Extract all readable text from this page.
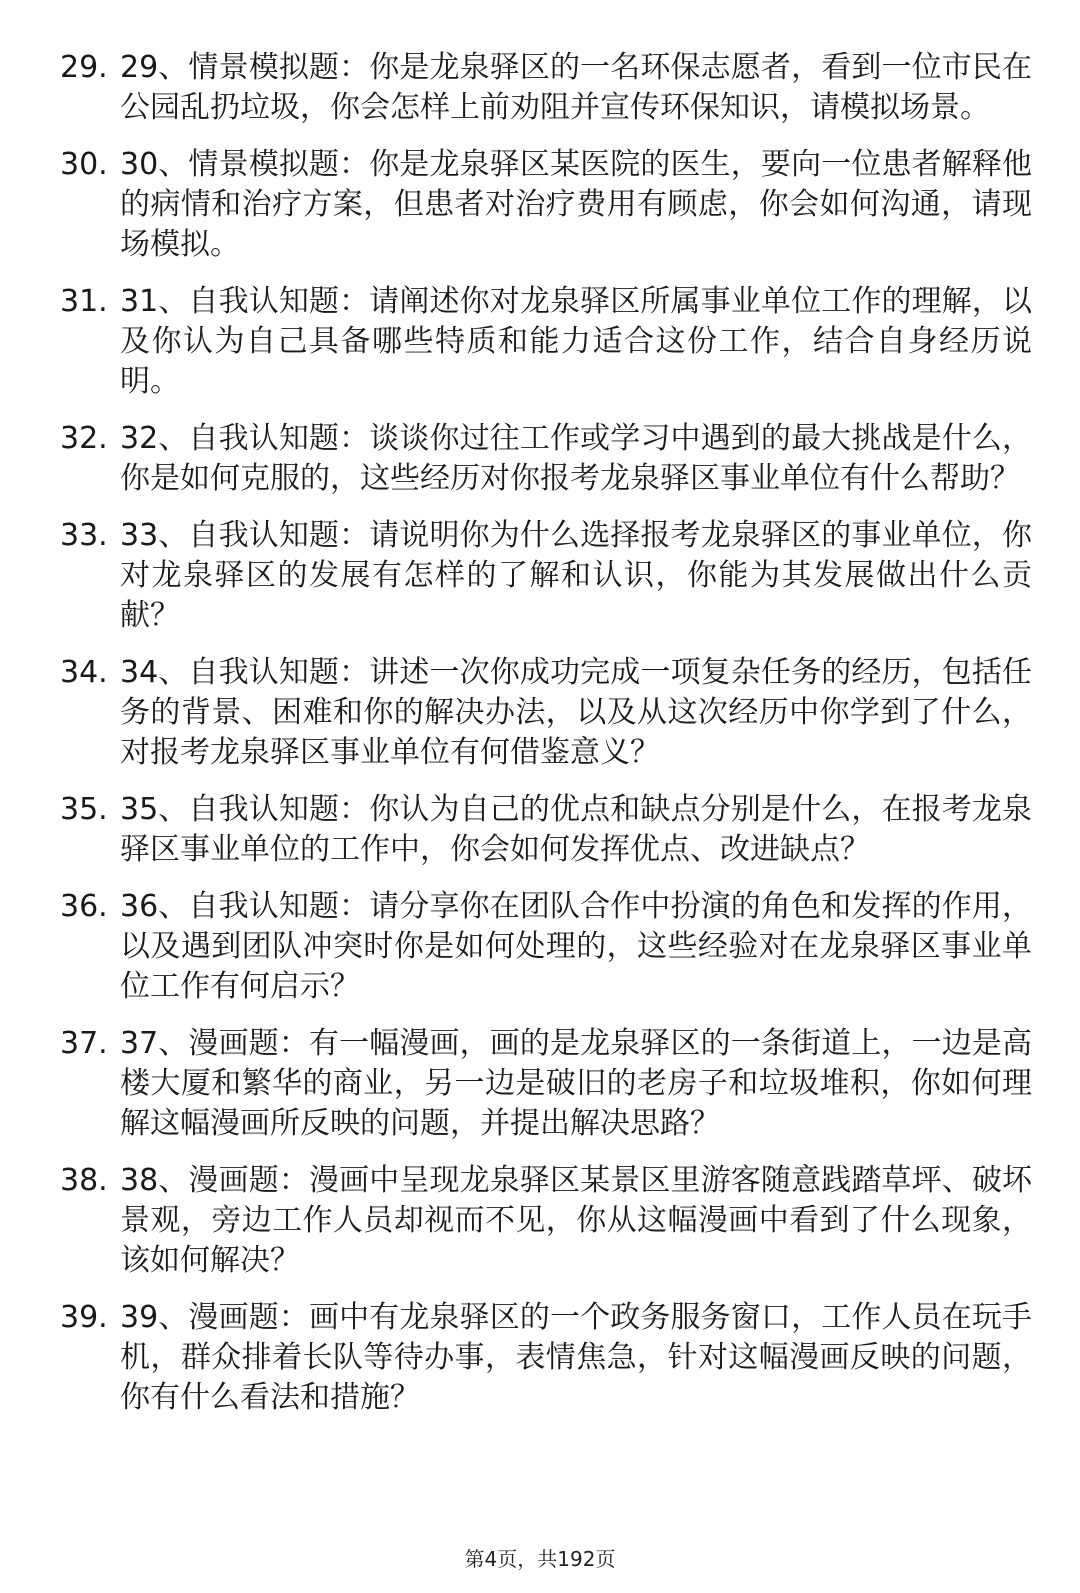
29. 29、情景模拟题：你是龙泉驿区的一名环保志愿者，看到一位市民在公园乱扔垃圾，你会怎样上前劝阻并宣传环保知识，请模拟场景。
30. 30、情景模拟题：你是龙泉驿区某医院的医生，要向一位患者解释他的病情和治疗方案，但患者对治疗费用有顾虑，你会如何沟通，请现场模拟。
31. 31、自我认知题：请阐述你对龙泉驿区所属事业单位工作的理解，以及你认为自己具备哪些特质和能力适合这份工作，结合自身经历说明。
32. 32、自我认知题：谈谈你过往工作或学习中遇到的最大挑战是什么，你是如何克服的，这些经历对你报考龙泉驿区事业单位有什么帮助？
33. 33、自我认知题：请说明你为什么选择报考龙泉驿区的事业单位，你对龙泉驿区的发展有怎样的了解和认识，你能为其发展做出什么贡献？
34. 34、自我认知题：讲述一次你成功完成一项复杂任务的经历，包括任务的背景、困难和你的解决办法，以及从这次经历中你学到了什么，对报考龙泉驿区事业单位有何借鉴意义？
35. 35、自我认知题：你认为自己的优点和缺点分别是什么，在报考龙泉驿区事业单位的工作中，你会如何发挥优点、改进缺点？
36. 36、自我认知题：请分享你在团队合作中扮演的角色和发挥的作用，以及遇到团队冲突时你是如何处理的，这些经验对在龙泉驿区事业单位工作有何启示？
37. 37、漫画题：有一幅漫画，画的是龙泉驿区的一条街道上，一边是高楼大厦和繁华的商业，另一边是破旧的老房子和垃圾堆积，你如何理解这幅漫画所反映的问题，并提出解决思路？
38. 38、漫画题：漫画中呈现龙泉驿区某景区里游客随意践踏草坪、破坏景观，旁边工作人员却视而不见，你从这幅漫画中看到了什么现象，该如何解决？
39. 39、漫画题：画中有龙泉驿区的一个政务服务窗口，工作人员在玩手机，群众排着长队等待办事，表情焦急，针对这幅漫画反映的问题，你有什么看法和措施？
第4页，共192页
